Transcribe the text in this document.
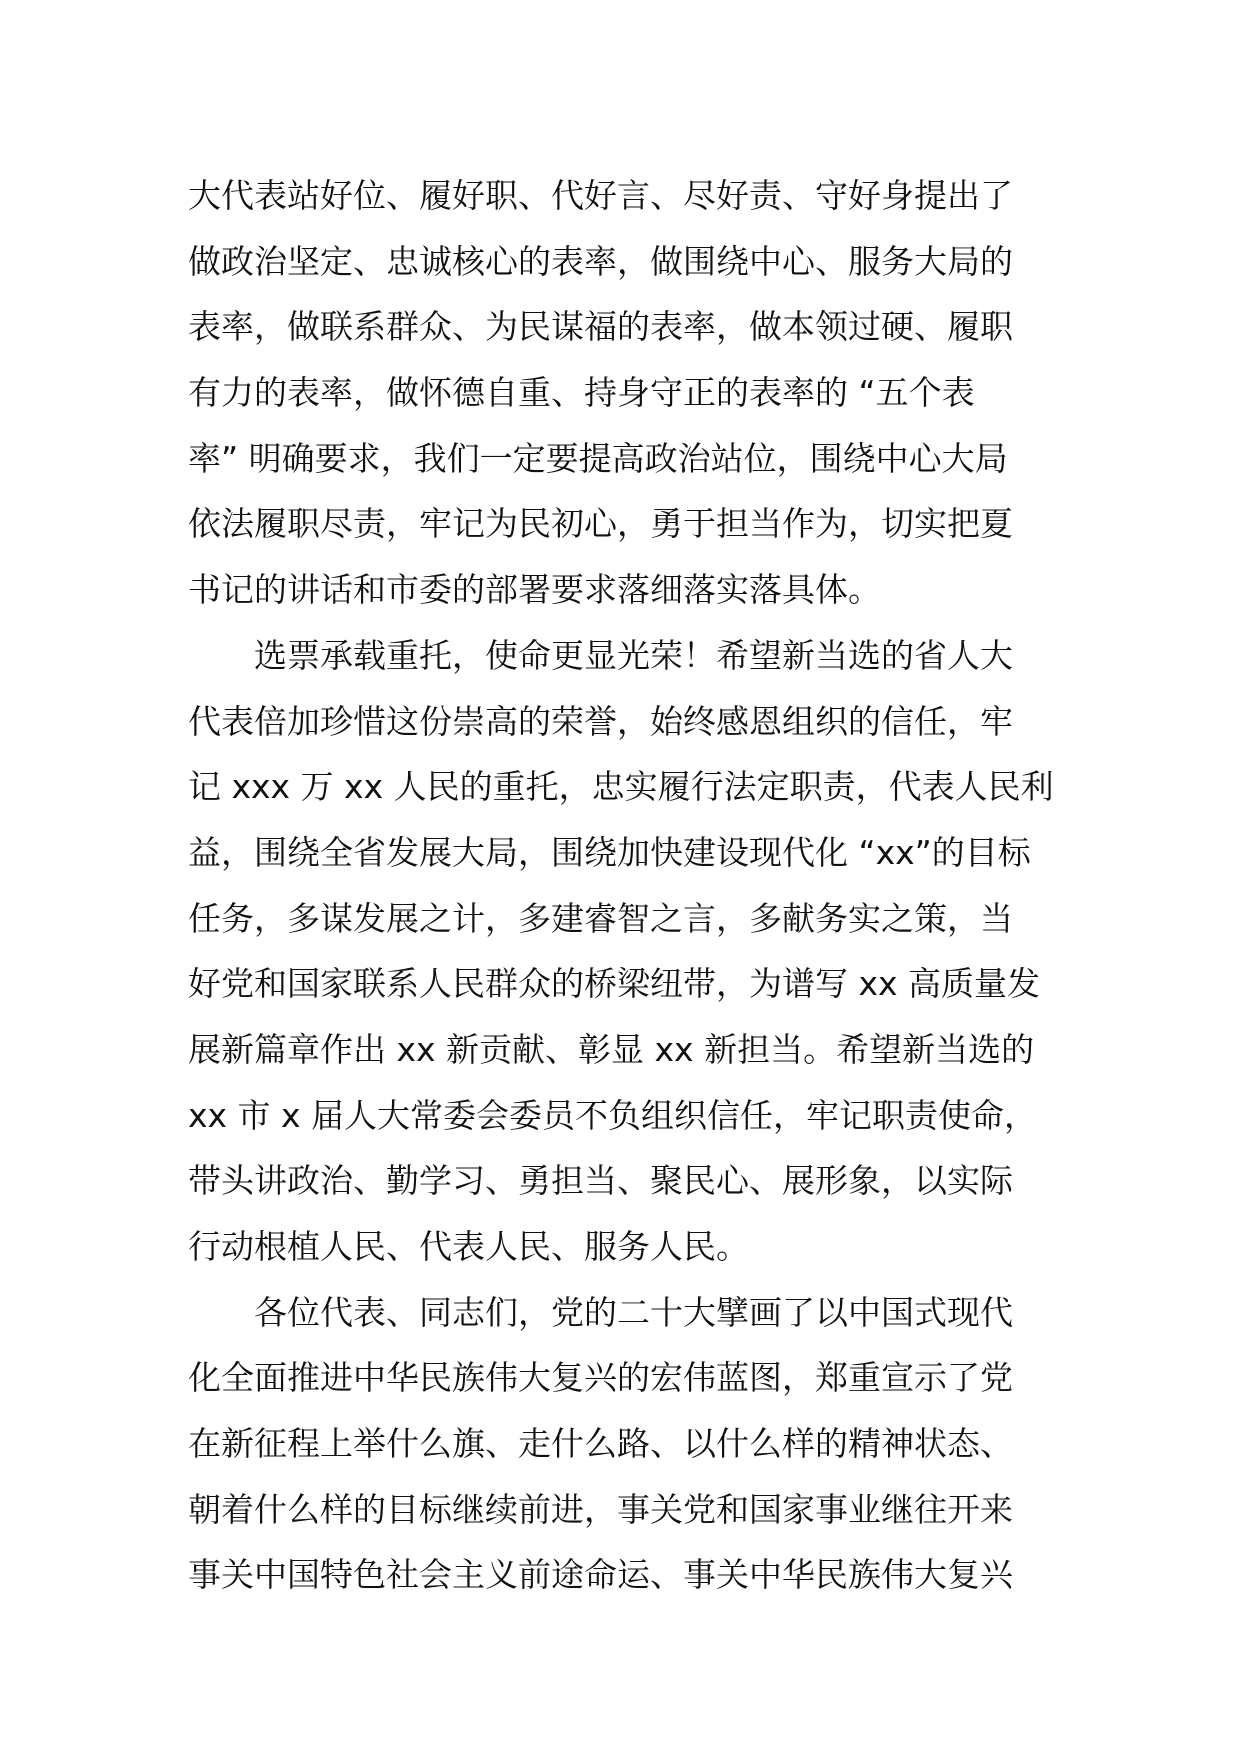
大代表站好位、履好职、代好言、尽好责、守好身提出了
做政治坚定、忠诚核心的表率，做围绕中心、服务大局的
表率，做联系群众、为民谋福的表率，做本领过硬、履职
有力的表率，做怀德自重、持身守正的表率的 “五个表
率” 明确要求，我们一定要提高政治站位，围绕中心大局
依法履职尽责，牢记为民初心，勇于担当作为，切实把夏
书记的讲话和市委的部署要求落细落实落具体。
选票承载重托，使命更显光荣！希望新当选的省人大
代表倍加珍惜这份崇高的荣誉，始终感恩组织的信任，牢
记 xxx 万 xx 人民的重托，忠实履行法定职责，代表人民利
益，围绕全省发展大局，围绕加快建设现代化 “xx”的目标
任务，多谋发展之计，多建睿智之言，多献务实之策，当
好党和国家联系人民群众的桥梁纽带，为谱写 xx 高质量发
展新篇章作出 xx 新贡献、彰显 xx 新担当。希望新当选的
xx 市 x 届人大常委会委员不负组织信任，牢记职责使命，
带头讲政治、勤学习、勇担当、聚民心、展形象，以实际
行动根植人民、代表人民、服务人民。
各位代表、同志们，党的二十大擘画了以中国式现代
化全面推进中华民族伟大复兴的宏伟蓝图，郑重宣示了党
在新征程上举什么旗、走什么路、以什么样的精神状态、
朝着什么样的目标继续前进，事关党和国家事业继往开来
事关中国特色社会主义前途命运、事关中华民族伟大复兴
